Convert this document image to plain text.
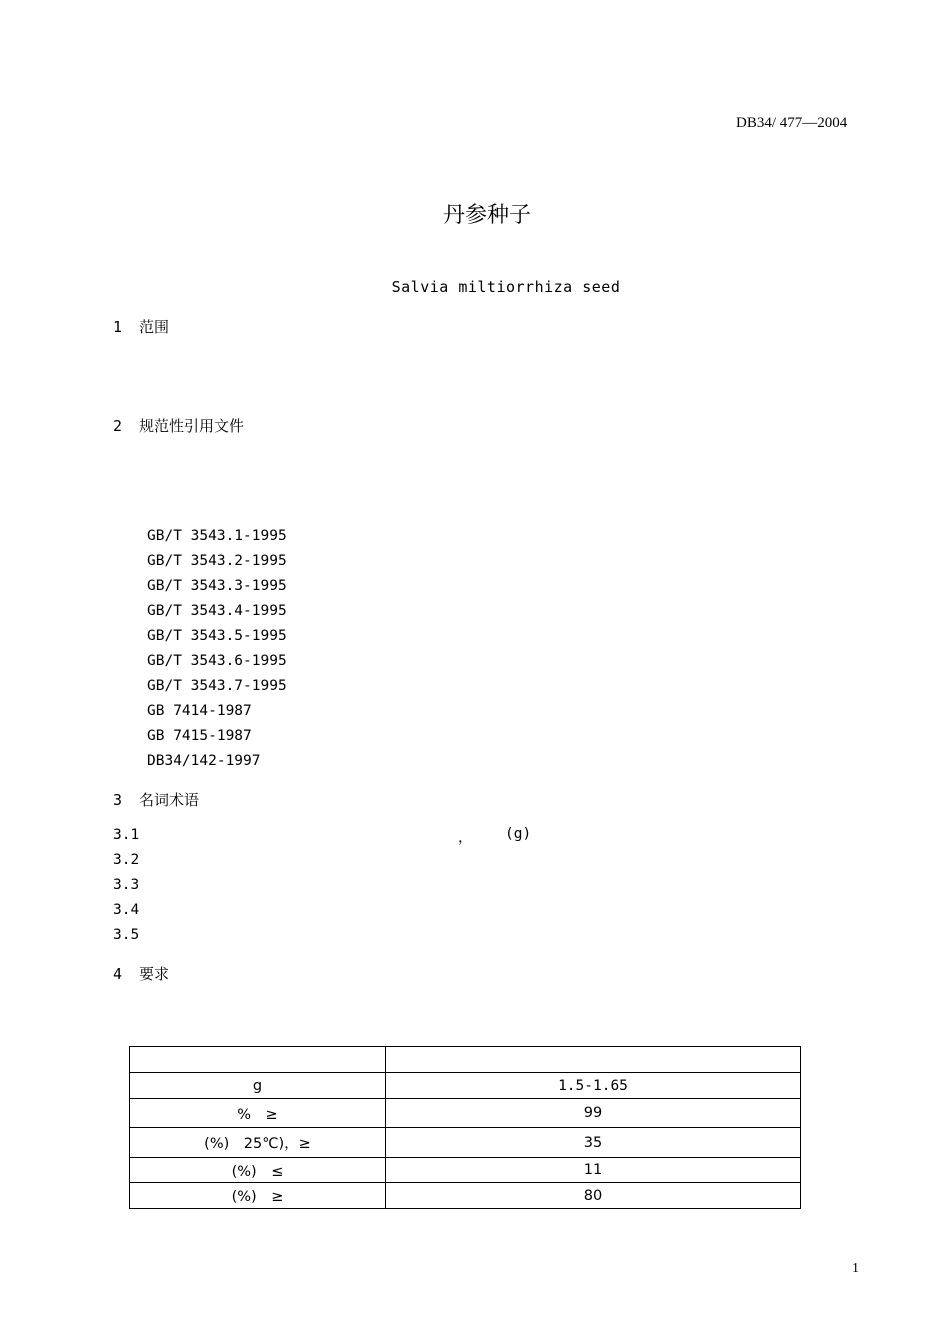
DB34/ 477—2004
丹参种子
Salvia miltiorrhiza seed
1 范围
2 规范性引用文件
GB/T 3543.1-1995
GB/T 3543.2-1995
GB/T 3543.3-1995
GB/T 3543.4-1995
GB/T 3543.5-1995
GB/T 3543.6-1995
GB/T 3543.7-1995
GB 7414-1987
GB 7415-1987
DB34/142-1997
3 名词术语
3.1
3.2
3.3
3.4
3.5
， (g)
4 要求

g	1.5-1.65
%　≥	99
(%)　25℃)，≥	35
(%)　≤	11
(%)　≥	80
1
